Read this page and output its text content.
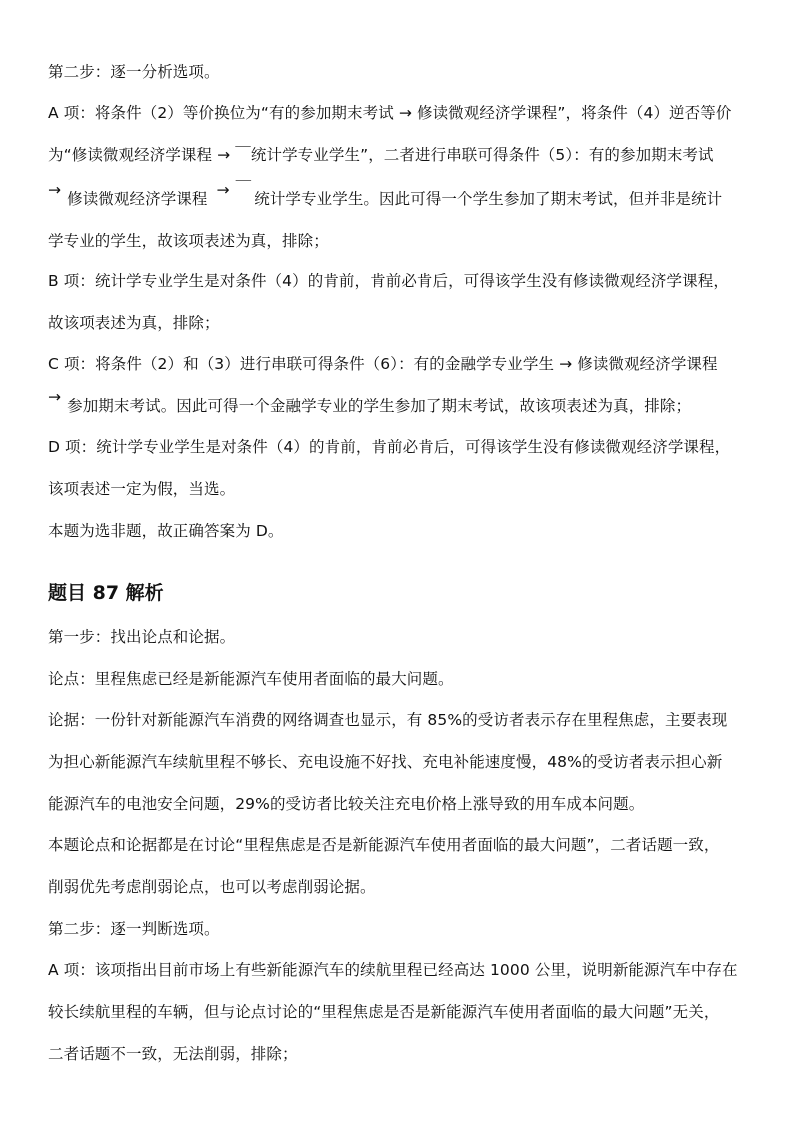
第二步：逐一分析选项。
A 项：将条件（2）等价换位为“有的参加期末考试 → 修读微观经济学课程”，将条件（4）逆否等价
为“修读微观经济学课程 → ￣统计学专业学生”，二者进行串联可得条件（5）：有的参加期末考试
→ 修读微观经济学课程 → ￣统计学专业学生。因此可得一个学生参加了期末考试，但并非是统计
学专业的学生，故该项表述为真，排除；
B 项：统计学专业学生是对条件（4）的肯前，肯前必肯后，可得该学生没有修读微观经济学课程，
故该项表述为真，排除；
C 项：将条件（2）和（3）进行串联可得条件（6）：有的金融学专业学生 → 修读微观经济学课程
→ 参加期末考试。因此可得一个金融学专业的学生参加了期末考试，故该项表述为真，排除；
D 项：统计学专业学生是对条件（4）的肯前，肯前必肯后，可得该学生没有修读微观经济学课程，
该项表述一定为假，当选。
本题为选非题，故正确答案为 D。
题目 87 解析
第一步：找出论点和论据。
论点：里程焦虑已经是新能源汽车使用者面临的最大问题。
论据：一份针对新能源汽车消费的网络调查也显示，有 85%的受访者表示存在里程焦虑，主要表现
为担心新能源汽车续航里程不够长、充电设施不好找、充电补能速度慢，48%的受访者表示担心新
能源汽车的电池安全问题，29%的受访者比较关注充电价格上涨导致的用车成本问题。
本题论点和论据都是在讨论“里程焦虑是否是新能源汽车使用者面临的最大问题”，二者话题一致，
削弱优先考虑削弱论点，也可以考虑削弱论据。
第二步：逐一判断选项。
A 项：该项指出目前市场上有些新能源汽车的续航里程已经高达 1000 公里，说明新能源汽车中存在
较长续航里程的车辆，但与论点讨论的“里程焦虑是否是新能源汽车使用者面临的最大问题”无关，
二者话题不一致，无法削弱，排除；
